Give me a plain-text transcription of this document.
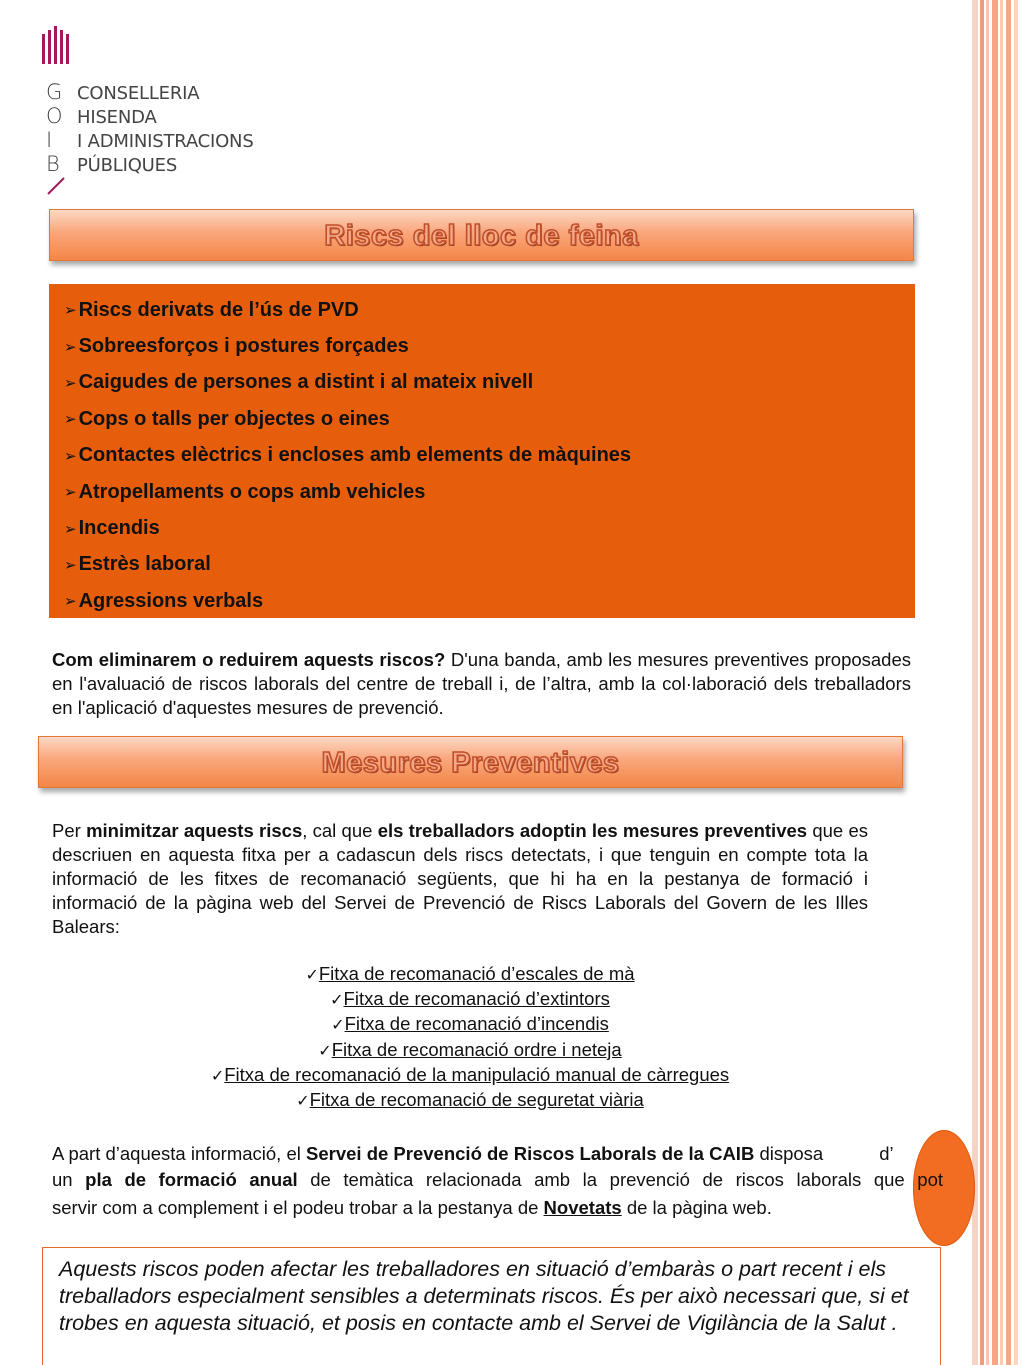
G
O
I
B
CONSELLERIA
HISENDA
I ADMINISTRACIONS
PÚBLIQUES
Riscs del lloc de feina
➢ Riscs derivats de l’ús de PVD
➢ Sobreesforços i postures forçades
➢ Caigudes de persones a distint i al mateix nivell
➢ Cops o talls per objectes o eines
➢ Contactes elèctrics i encloses amb elements de màquines
➢ Atropellaments o cops amb vehicles
➢ Incendis
➢ Estrès laboral
➢ Agressions verbals

Com eliminarem o reduirem aquests riscos? D'una banda, amb les mesures preventives proposades en l'avaluació de riscos laborals del centre de treball i, de l’altra, amb la col·laboració dels treballadors en l'aplicació d'aquestes mesures de prevenció.

Mesures Preventives

Per minimitzar aquests riscs, cal que els treballadors adoptin les mesures preventives que es descriuen en aquesta fitxa per a cadascun dels riscs detectats, i que tenguin en compte tota la informació de les fitxes de recomanació següents, que hi ha en la pestanya de formació i informació de la pàgina web del Servei de Prevenció de Riscs Laborals del Govern de les Illes Balears:

✓Fitxa de recomanació d’escales de mà
✓Fitxa de recomanació d’extintors
✓Fitxa de recomanació d’incendis
✓Fitxa de recomanació ordre i neteja
✓Fitxa de recomanació de la manipulació manual de càrregues
✓Fitxa de recomanació de seguretat viària
A part d’aquesta informació, el Servei de Prevenció de Riscos Laborals de la CAIB disposa	d’
un pla de formació anual de temàtica relacionada amb la prevenció de riscos laborals que pot
servir com a complement i el podeu trobar a la pestanya de Novetats de la pàgina web.

Aquests riscos poden afectar les treballadores en situació d’embaràs o part recent i els treballadors especialment sensibles a determinats riscos. És per això necessari que, si et trobes en aquesta situació, et posis en contacte amb el Servei de Vigilància de la Salut .
